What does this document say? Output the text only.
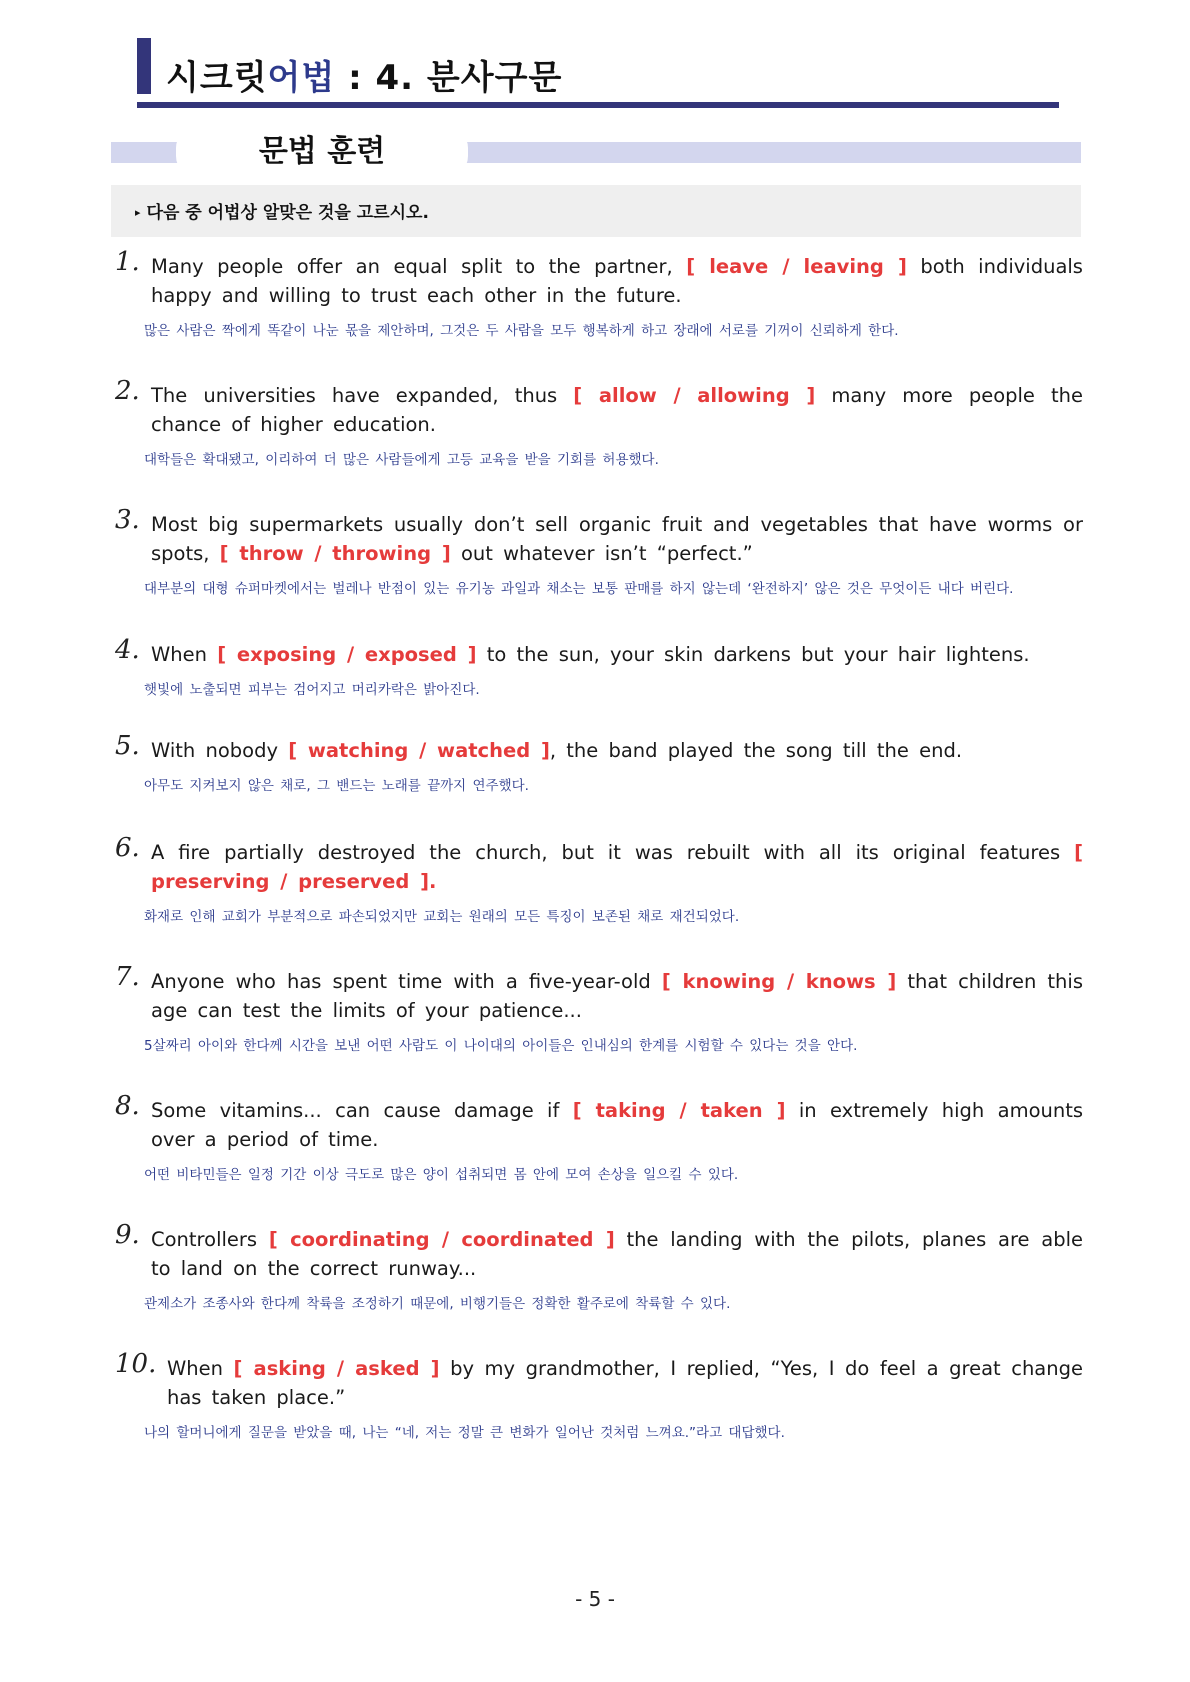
시크릿어법 : 4. 분사구문
문법 훈련
▸ 다음 중 어법상 알맞은 것을 고르시오.
1. Many people offer an equal split to the partner, [ leave / leaving ] both individuals happy and willing to trust each other in the future.
많은 사람은 짝에게 똑같이 나눈 몫을 제안하며, 그것은 두 사람을 모두 행복하게 하고 장래에 서로를 기꺼이 신뢰하게 한다.
2. The universities have expanded, thus [ allow / allowing ] many more people the chance of higher education.
대학들은 확대됐고, 이리하여 더 많은 사람들에게 고등 교육을 받을 기회를 허용했다.
3. Most big supermarkets usually don’t sell organic fruit and vegetables that have worms or spots, [ throw / throwing ] out whatever isn’t “perfect.”
대부분의 대형 슈퍼마켓에서는 벌레나 반점이 있는 유기농 과일과 채소는 보통 판매를 하지 않는데 ‘완전하지’ 않은 것은 무엇이든 내다 버린다.
4. When [ exposing / exposed ] to the sun, your skin darkens but your hair lightens.
햇빛에 노출되면 피부는 검어지고 머리카락은 밝아진다.
5. With nobody [ watching / watched ], the band played the song till the end.
아무도 지켜보지 않은 채로, 그 밴드는 노래를 끝까지 연주했다.
6. A fire partially destroyed the church, but it was rebuilt with all its original features [ preserving / preserved ].
화재로 인해 교회가 부분적으로 파손되었지만 교회는 원래의 모든 특징이 보존된 채로 재건되었다.
7. Anyone who has spent time with a five-year-old [ knowing / knows ] that children this age can test the limits of your patience...
5살짜리 아이와 한다께 시간을 보낸 어떤 사람도 이 나이대의 아이들은 인내심의 한계를 시험할 수 있다는 것을 안다.
8. Some vitamins... can cause damage if [ taking / taken ] in extremely high amounts over a period of time.
어떤 비타민들은 일정 기간 이상 극도로 많은 양이 섭취되면 몸 안에 모여 손상을 일으킬 수 있다.
9. Controllers [ coordinating / coordinated ] the landing with the pilots, planes are able to land on the correct runway...
관제소가 조종사와 한다께 착륙을 조정하기 때문에, 비행기들은 정확한 활주로에 착륙할 수 있다.
10. When [ asking / asked ] by my grandmother, I replied, “Yes, I do feel a great change has taken place.”
나의 할머니에게 질문을 받았을 때, 나는 “네, 저는 정말 큰 변화가 일어난 것처럼 느껴요.”라고 대답했다.
- 5 -
